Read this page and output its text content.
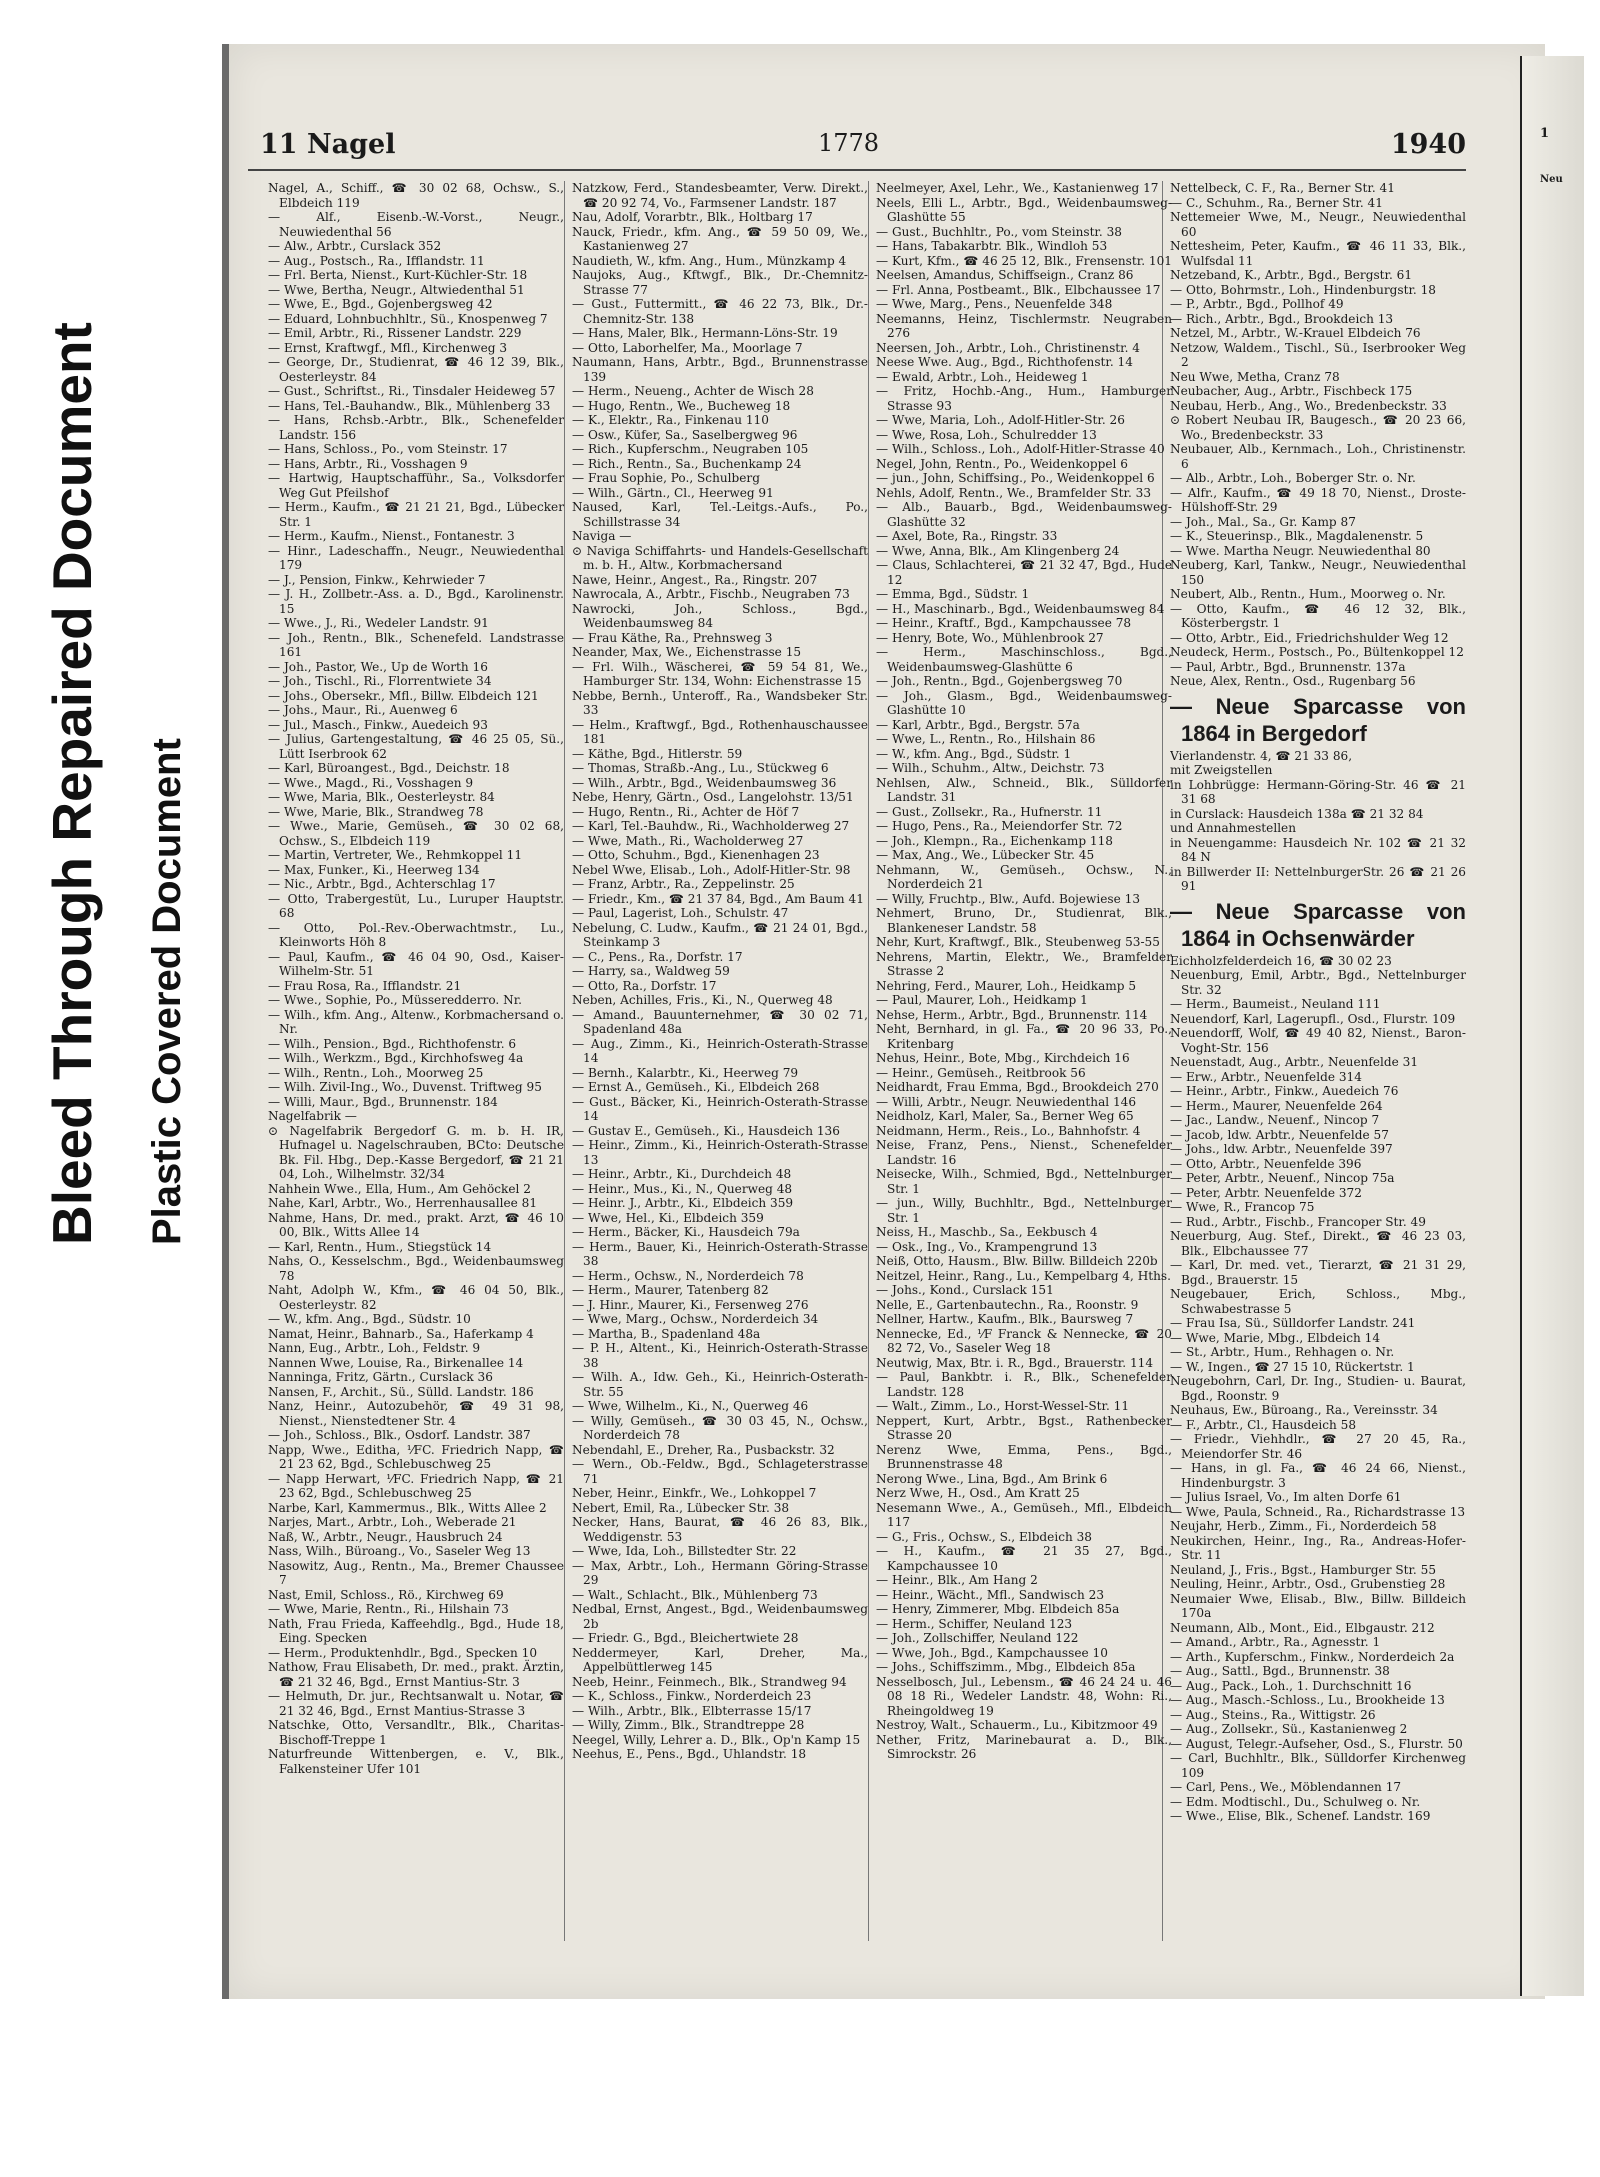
Bleed Through Repaired Document Plastic Covered Document
1
Neu
11 Nagel	1778	1940

Nagel, A., Schiff., ☎ 30 02 68, Ochsw., S., Elbdeich 119

— Alf., Eisenb.-W.-Vorst., Neugr., Neuwiedenthal 56

— Alw., Arbtr., Curslack 352

— Aug., Postsch., Ra., Ifflandstr. 11

— Frl. Berta, Nienst., Kurt-Küchler-Str. 18

— Wwe, Bertha, Neugr., Altwiedenthal 51

— Wwe, E., Bgd., Gojenbergsweg 42

— Eduard, Lohnbuchhltr., Sü., Knospenweg 7

— Emil, Arbtr., Ri., Rissener Landstr. 229

— Ernst, Kraftwgf., Mfl., Kirchenweg 3

— George, Dr., Studienrat, ☎ 46 12 39, Blk., Oesterleystr. 84

— Gust., Schriftst., Ri., Tinsdaler Heideweg 57

— Hans, Tel.-Bauhandw., Blk., Mühlenberg 33

— Hans, Rchsb.-Arbtr., Blk., Schenefelder Landstr. 156

— Hans, Schloss., Po., vom Steinstr. 17

— Hans, Arbtr., Ri., Vosshagen 9

— Hartwig, Hauptschafführ., Sa., Volksdorfer Weg Gut Pfeilshof

— Herm., Kaufm., ☎ 21 21 21, Bgd., Lübecker Str. 1

— Herm., Kaufm., Nienst., Fontanestr. 3

— Hinr., Ladeschaffn., Neugr., Neuwiedenthal 179

— J., Pension, Finkw., Kehrwieder 7

— J. H., Zollbetr.-Ass. a. D., Bgd., Karolinenstr. 15

— Wwe., J., Ri., Wedeler Landstr. 91

— Joh., Rentn., Blk., Schenefeld. Landstrasse 161

— Joh., Pastor, We., Up de Worth 16

— Joh., Tischl., Ri., Florrentwiete 34

— Johs., Obersekr., Mfl., Billw. Elbdeich 121

— Johs., Maur., Ri., Auenweg 6

— Jul., Masch., Finkw., Auedeich 93

— Julius, Gartengestaltung, ☎ 46 25 05, Sü., Lütt Iserbrook 62

— Karl, Büroangest., Bgd., Deichstr. 18

— Wwe., Magd., Ri., Vosshagen 9

— Wwe, Maria, Blk., Oesterleystr. 84

— Wwe, Marie, Blk., Strandweg 78

— Wwe., Marie, Gemüseh., ☎ 30 02 68, Ochsw., S., Elbdeich 119

— Martin, Vertreter, We., Rehmkoppel 11

— Max, Funker., Ki., Heerweg 134

— Nic., Arbtr., Bgd., Achterschlag 17

— Otto, Trabergestüt, Lu., Luruper Hauptstr. 68

— Otto, Pol.-Rev.-Oberwachtmstr., Lu., Kleinworts Höh 8

— Paul, Kaufm., ☎ 46 04 90, Osd., Kaiser-Wilhelm-Str. 51

— Frau Rosa, Ra., Ifflandstr. 21

— Wwe., Sophie, Po., Müsseredderro. Nr.

— Wilh., kfm. Ang., Altenw., Korbmachersand o. Nr.

— Wilh., Pension., Bgd., Richthofenstr. 6

— Wilh., Werkzm., Bgd., Kirchhofsweg 4a

— Wilh., Rentn., Loh., Moorweg 25

— Wilh. Zivil-Ing., Wo., Duvenst. Triftweg 95

— Willi, Maur., Bgd., Brunnenstr. 184

Nagelfabrik —

⊙ Nagelfabrik Bergedorf G. m. b. H. IR, Hufnagel u. Nagelschrauben, BCto: Deutsche Bk. Fil. Hbg., Dep.-Kasse Bergedorf, ☎ 21 21 04, Loh., Wilhelmstr. 32/34

Nahhein Wwe., Ella, Hum., Am Gehöckel 2

Nahe, Karl, Arbtr., Wo., Herrenhausallee 81

Nahme, Hans, Dr. med., prakt. Arzt, ☎ 46 10 00, Blk., Witts Allee 14

— Karl, Rentn., Hum., Stiegstück 14

Nahs, O., Kesselschm., Bgd., Weidenbaumsweg 78

Naht, Adolph W., Kfm., ☎ 46 04 50, Blk., Oesterleystr. 82

— W., kfm. Ang., Bgd., Südstr. 10

Namat, Heinr., Bahnarb., Sa., Haferkamp 4

Nann, Eug., Arbtr., Loh., Feldstr. 9

Nannen Wwe, Louise, Ra., Birkenallee 14

Nanninga, Fritz, Gärtn., Curslack 36

Nansen, F., Archit., Sü., Sülld. Landstr. 186

Nanz, Heinr., Autozubehör, ☎ 49 31 98, Nienst., Nienstedtener Str. 4

— Joh., Schloss., Blk., Osdorf. Landstr. 387

Napp, Wwe., Editha, ⅟FC. Friedrich Napp, ☎ 21 23 62, Bgd., Schlebuschweg 25

— Napp Herwart, ⅟FC. Friedrich Napp, ☎ 21 23 62, Bgd., Schlebuschweg 25

Narbe, Karl, Kammermus., Blk., Witts Allee 2

Narjes, Mart., Arbtr., Loh., Weberade 21

Naß, W., Arbtr., Neugr., Hausbruch 24

Nass, Wilh., Büroang., Vo., Saseler Weg 13

Nasowitz, Aug., Rentn., Ma., Bremer Chaussee 7

Nast, Emil, Schloss., Rö., Kirchweg 69

— Wwe, Marie, Rentn., Ri., Hilshain 73

Nath, Frau Frieda, Kaffeehdlg., Bgd., Hude 18, Eing. Specken

— Herm., Produktenhdlr., Bgd., Specken 10

Nathow, Frau Elisabeth, Dr. med., prakt. Ärztin, ☎ 21 32 46, Bgd., Ernst Mantius-Str. 3

— Helmuth, Dr. jur., Rechtsanwalt u. Notar, ☎ 21 32 46, Bgd., Ernst Mantius-Strasse 3

Natschke, Otto, Versandltr., Blk., Charitas-Bischoff-Treppe 1

Naturfreunde Wittenbergen, e. V., Blk., Falkensteiner Ufer 101

Natzkow, Ferd., Standesbeamter, Verw. Direkt., ☎ 20 92 74, Vo., Farmsener Landstr. 187

Nau, Adolf, Vorarbtr., Blk., Holtbarg 17

Nauck, Friedr., kfm. Ang., ☎ 59 50 09, We., Kastanienweg 27

Naudieth, W., kfm. Ang., Hum., Münzkamp 4

Naujoks, Aug., Kftwgf., Blk., Dr.-Chemnitz-Strasse 77

— Gust., Futtermitt., ☎ 46 22 73, Blk., Dr.-Chemnitz-Str. 138

— Hans, Maler, Blk., Hermann-Löns-Str. 19

— Otto, Laborhelfer, Ma., Moorlage 7

Naumann, Hans, Arbtr., Bgd., Brunnenstrasse 139

— Herm., Neueng., Achter de Wisch 28

— Hugo, Rentn., We., Bucheweg 18

— K., Elektr., Ra., Finkenau 110

— Osw., Küfer, Sa., Saselbergweg 96

— Rich., Kupferschm., Neugraben 105

— Rich., Rentn., Sa., Buchenkamp 24

— Frau Sophie, Po., Schulberg

— Wilh., Gärtn., Cl., Heerweg 91

Naused, Karl, Tel.-Leitgs.-Aufs., Po., Schillstrasse 34

Naviga —

⊙ Naviga Schiffahrts- und Handels-Gesellschaft m. b. H., Altw., Korbmachersand

Nawe, Heinr., Angest., Ra., Ringstr. 207

Nawrocala, A., Arbtr., Fischb., Neugraben 73

Nawrocki, Joh., Schloss., Bgd., Weidenbaumsweg 84

— Frau Käthe, Ra., Prehnsweg 3

Neander, Max, We., Eichenstrasse 15

— Frl. Wilh., Wäscherei, ☎ 59 54 81, We., Hamburger Str. 134, Wohn: Eichenstrasse 15

Nebbe, Bernh., Unteroff., Ra., Wandsbeker Str. 33

— Helm., Kraftwgf., Bgd., Rothenhauschaussee 181

— Käthe, Bgd., Hitlerstr. 59

— Thomas, Straßb.-Ang., Lu., Stückweg 6

— Wilh., Arbtr., Bgd., Weidenbaumsweg 36

Nebe, Henry, Gärtn., Osd., Langelohstr. 13/51

— Hugo, Rentn., Ri., Achter de Höf 7

— Karl, Tel.-Bauhdw., Ri., Wachholderweg 27

— Wwe, Math., Ri., Wacholderweg 27

— Otto, Schuhm., Bgd., Kienenhagen 23

Nebel Wwe, Elisab., Loh., Adolf-Hitler-Str. 98

— Franz, Arbtr., Ra., Zeppelinstr. 25

— Friedr., Km., ☎ 21 37 84, Bgd., Am Baum 41

— Paul, Lagerist, Loh., Schulstr. 47

Nebelung, C. Ludw., Kaufm., ☎ 21 24 01, Bgd., Steinkamp 3

— C., Pens., Ra., Dorfstr. 17

— Harry, sa., Waldweg 59

— Otto, Ra., Dorfstr. 17

Neben, Achilles, Fris., Ki., N., Querweg 48

— Amand., Bauunternehmer, ☎ 30 02 71, Spadenland 48a

— Aug., Zimm., Ki., Heinrich-Osterath-Strasse 14

— Bernh., Kalarbtr., Ki., Heerweg 79

— Ernst A., Gemüseh., Ki., Elbdeich 268

— Gust., Bäcker, Ki., Heinrich-Osterath-Strasse 14

— Gustav E., Gemüseh., Ki., Hausdeich 136

— Heinr., Zimm., Ki., Heinrich-Osterath-Strasse 13

— Heinr., Arbtr., Ki., Durchdeich 48

— Heinr., Mus., Ki., N., Querweg 48

— Heinr. J., Arbtr., Ki., Elbdeich 359

— Wwe, Hel., Ki., Elbdeich 359

— Herm., Bäcker, Ki., Hausdeich 79a

— Herm., Bauer, Ki., Heinrich-Osterath-Strasse 38

— Herm., Ochsw., N., Norderdeich 78

— Herm., Maurer, Tatenberg 82

— J. Hinr., Maurer, Ki., Fersenweg 276

— Wwe, Marg., Ochsw., Norderdeich 34

— Martha, B., Spadenland 48a

— P. H., Altent., Ki., Heinrich-Osterath-Strasse 38

— Wilh. A., Idw. Geh., Ki., Heinrich-Osterath-Str. 55

— Wwe, Wilhelm., Ki., N., Querweg 46

— Willy, Gemüseh., ☎ 30 03 45, N., Ochsw., Norderdeich 78

Nebendahl, E., Dreher, Ra., Pusbackstr. 32

— Wern., Ob.-Feldw., Bgd., Schlageterstrasse 71

Neber, Heinr., Einkfr., We., Lohkoppel 7

Nebert, Emil, Ra., Lübecker Str. 38

Necker, Hans, Baurat, ☎ 46 26 83, Blk., Weddigenstr. 53

— Wwe, Ida, Loh., Billstedter Str. 22

— Max, Arbtr., Loh., Hermann Göring-Strasse 29

— Walt., Schlacht., Blk., Mühlenberg 73

Nedbal, Ernst, Angest., Bgd., Weidenbaumsweg 2b

— Friedr. G., Bgd., Bleichertwiete 28

Neddermeyer, Karl, Dreher, Ma., Appelbüttlerweg 145

Neeb, Heinr., Feinmech., Blk., Strandweg 94

— K., Schloss., Finkw., Norderdeich 23

— Wilh., Arbtr., Blk., Elbterrasse 15/17

— Willy, Zimm., Blk., Strandtreppe 28

Neegel, Willy, Lehrer a. D., Blk., Op'n Kamp 15

Neehus, E., Pens., Bgd., Uhlandstr. 18

Neelmeyer, Axel, Lehr., We., Kastanienweg 17

Neels, Elli L., Arbtr., Bgd., Weidenbaumsweg-Glashütte 55

— Gust., Buchhltr., Po., vom Steinstr. 38

— Hans, Tabakarbtr. Blk., Windloh 53

— Kurt, Kfm., ☎ 46 25 12, Blk., Frensenstr. 101

Neelsen, Amandus, Schiffseign., Cranz 86

— Frl. Anna, Postbeamt., Blk., Elbchaussee 17

— Wwe, Marg., Pens., Neuenfelde 348

Neemanns, Heinz, Tischlermstr. Neugraben 276

Neersen, Joh., Arbtr., Loh., Christinenstr. 4

Neese Wwe. Aug., Bgd., Richthofenstr. 14

— Ewald, Arbtr., Loh., Heideweg 1

— Fritz, Hochb.-Ang., Hum., Hamburger Strasse 93

— Wwe, Maria, Loh., Adolf-Hitler-Str. 26

— Wwe, Rosa, Loh., Schulredder 13

— Wilh., Schloss., Loh., Adolf-Hitler-Strasse 40

Negel, John, Rentn., Po., Weidenkoppel 6

— jun., John, Schiffsing., Po., Weidenkoppel 6

Nehls, Adolf, Rentn., We., Bramfelder Str. 33

— Alb., Bauarb., Bgd., Weidenbaumsweg-Glashütte 32

— Axel, Bote, Ra., Ringstr. 33

— Wwe, Anna, Blk., Am Klingenberg 24

— Claus, Schlachterei, ☎ 21 32 47, Bgd., Hude 12

— Emma, Bgd., Südstr. 1

— H., Maschinarb., Bgd., Weidenbaumsweg 84

— Heinr., Kraftf., Bgd., Kampchaussee 78

— Henry, Bote, Wo., Mühlenbrook 27

— Herm., Maschinschloss., Bgd., Weidenbaumsweg-Glashütte 6

— Joh., Rentn., Bgd., Gojenbergsweg 70

— Joh., Glasm., Bgd., Weidenbaumsweg-Glashütte 10

— Karl, Arbtr., Bgd., Bergstr. 57a

— Wwe, L., Rentn., Ro., Hilshain 86

— W., kfm. Ang., Bgd., Südstr. 1

— Wilh., Schuhm., Altw., Deichstr. 73

Nehlsen, Alw., Schneid., Blk., Sülldorfer Landstr. 31

— Gust., Zollsekr., Ra., Hufnerstr. 11

— Hugo, Pens., Ra., Meiendorfer Str. 72

— Joh., Klempn., Ra., Eichenkamp 118

— Max, Ang., We., Lübecker Str. 45

Nehmann, W., Gemüseh., Ochsw., N., Norderdeich 21

— Willy, Fruchtp., Blw., Aufd. Bojewiese 13

Nehmert, Bruno, Dr., Studienrat, Blk., Blankeneser Landstr. 58

Nehr, Kurt, Kraftwgf., Blk., Steubenweg 53-55

Nehrens, Martin, Elektr., We., Bramfelder Strasse 2

Nehring, Ferd., Maurer, Loh., Heidkamp 5

— Paul, Maurer, Loh., Heidkamp 1

Nehse, Herm., Arbtr., Bgd., Brunnenstr. 114

Neht, Bernhard, in gl. Fa., ☎ 20 96 33, Po., Kritenbarg

Nehus, Heinr., Bote, Mbg., Kirchdeich 16

— Heinr., Gemüseh., Reitbrook 56

Neidhardt, Frau Emma, Bgd., Brookdeich 270

— Willi, Arbtr., Neugr. Neuwiedenthal 146

Neidholz, Karl, Maler, Sa., Berner Weg 65

Neidmann, Herm., Reis., Lo., Bahnhofstr. 4

Neise, Franz, Pens., Nienst., Schenefelder Landstr. 16

Neisecke, Wilh., Schmied, Bgd., Nettelnburger Str. 1

— jun., Willy, Buchhltr., Bgd., Nettelnburger Str. 1

Neiss, H., Maschb., Sa., Eekbusch 4

— Osk., Ing., Vo., Krampengrund 13

Neiß, Otto, Hausm., Blw. Billw. Billdeich 220b

Neitzel, Heinr., Rang., Lu., Kempelbarg 4, Hths.

— Johs., Kond., Curslack 151

Nelle, E., Gartenbautechn., Ra., Roonstr. 9

Nellner, Hartw., Kaufm., Blk., Baursweg 7

Nennecke, Ed., ⅟F Franck & Nennecke, ☎ 20 82 72, Vo., Saseler Weg 18

Neutwig, Max, Btr. i. R., Bgd., Brauerstr. 114

— Paul, Bankbtr. i. R., Blk., Schenefelder Landstr. 128

— Walt., Zimm., Lo., Horst-Wessel-Str. 11

Neppert, Kurt, Arbtr., Bgst., Rathenbecker Strasse 20

Nerenz Wwe, Emma, Pens., Bgd., Brunnenstrasse 48

Nerong Wwe., Lina, Bgd., Am Brink 6

Nerz Wwe, H., Osd., Am Kratt 25

Nesemann Wwe., A., Gemüseh., Mfl., Elbdeich 117

— G., Fris., Ochsw., S., Elbdeich 38

— H., Kaufm., ☎ 21 35 27, Bgd., Kampchaussee 10

— Heinr., Blk., Am Hang 2

— Heinr., Wächt., Mfl., Sandwisch 23

— Henry, Zimmerer, Mbg. Elbdeich 85a

— Herm., Schiffer, Neuland 123

— Joh., Zollschiffer, Neuland 122

— Wwe, Joh., Bgd., Kampchaussee 10

— Johs., Schiffszimm., Mbg., Elbdeich 85a

Nesselbosch, Jul., Lebensm., ☎ 46 24 24 u. 46 08 18 Ri., Wedeler Landstr. 48, Wohn: Ri., Rheingoldweg 19

Nestroy, Walt., Schauerm., Lu., Kibitzmoor 49

Nether, Fritz, Marinebaurat a. D., Blk., Simrockstr. 26

Nettelbeck, C. F., Ra., Berner Str. 41

— C., Schuhm., Ra., Berner Str. 41

Nettemeier Wwe, M., Neugr., Neuwiedenthal 60

Nettesheim, Peter, Kaufm., ☎ 46 11 33, Blk., Wulfsdal 11

Netzeband, K., Arbtr., Bgd., Bergstr. 61

— Otto, Bohrmstr., Loh., Hindenburgstr. 18

— P., Arbtr., Bgd., Pollhof 49

— Rich., Arbtr., Bgd., Brookdeich 13

Netzel, M., Arbtr., W.-Krauel Elbdeich 76

Netzow, Waldem., Tischl., Sü., Iserbrooker Weg 2

Neu Wwe, Metha, Cranz 78

Neubacher, Aug., Arbtr., Fischbeck 175

Neubau, Herb., Ang., Wo., Bredenbeckstr. 33

⊙ Robert Neubau IR, Baugesch., ☎ 20 23 66, Wo., Bredenbeckstr. 33

Neubauer, Alb., Kernmach., Loh., Christinenstr. 6

— Alb., Arbtr., Loh., Boberger Str. o. Nr.

— Alfr., Kaufm., ☎ 49 18 70, Nienst., Droste-Hülshoff-Str. 29

— Joh., Mal., Sa., Gr. Kamp 87

— K., Steuerinsp., Blk., Magdalenenstr. 5

— Wwe. Martha Neugr. Neuwiedenthal 80

Neuberg, Karl, Tankw., Neugr., Neuwiedenthal 150

Neubert, Alb., Rentn., Hum., Moorweg o. Nr.

— Otto, Kaufm., ☎ 46 12 32, Blk., Kösterbergstr. 1

— Otto, Arbtr., Eid., Friedrichshulder Weg 12

Neudeck, Herm., Postsch., Po., Bültenkoppel 12

— Paul, Arbtr., Bgd., Brunnenstr. 137a

Neue, Alex, Rentn., Osd., Rugenbarg 56

— Neue Sparcasse von 1864 in Bergedorf

Vierlandenstr. 4, ☎ 21 33 86,

mit Zweigstellen

in Lohbrügge: Hermann-Göring-Str. 46 ☎ 21 31 68

in Curslack: Hausdeich 138a ☎ 21 32 84

und Annahmestellen

in Neuengamme: Hausdeich Nr. 102 ☎ 21 32 84 N

in Billwerder II: NettelnburgerStr. 26 ☎ 21 26 91

— Neue Sparcasse von 1864 in Ochsenwärder

Eichholzfelderdeich 16, ☎ 30 02 23

Neuenburg, Emil, Arbtr., Bgd., Nettelnburger Str. 32

— Herm., Baumeist., Neuland 111

Neuendorf, Karl, Lagerupfl., Osd., Flurstr. 109

Neuendorff, Wolf, ☎ 49 40 82, Nienst., Baron-Voght-Str. 156

Neuenstadt, Aug., Arbtr., Neuenfelde 31

— Erw., Arbtr., Neuenfelde 314

— Heinr., Arbtr., Finkw., Auedeich 76

— Herm., Maurer, Neuenfelde 264

— Jac., Landw., Neuenf., Nincop 7

— Jacob, ldw. Arbtr., Neuenfelde 57

— Johs., ldw. Arbtr., Neuenfelde 397

— Otto, Arbtr., Neuenfelde 396

— Peter, Arbtr., Neuenf., Nincop 75a

— Peter, Arbtr. Neuenfelde 372

— Wwe, R., Francop 75

— Rud., Arbtr., Fischb., Francoper Str. 49

Neuerburg, Aug. Stef., Direkt., ☎ 46 23 03, Blk., Elbchaussee 77

— Karl, Dr. med. vet., Tierarzt, ☎ 21 31 29, Bgd., Brauerstr. 15

Neugebauer, Erich, Schloss., Mbg., Schwabestrasse 5

— Frau Isa, Sü., Sülldorfer Landstr. 241

— Wwe, Marie, Mbg., Elbdeich 14

— St., Arbtr., Hum., Rehhagen o. Nr.

— W., Ingen., ☎ 27 15 10, Rückertstr. 1

Neugebohrn, Carl, Dr. Ing., Studien- u. Baurat, Bgd., Roonstr. 9

Neuhaus, Ew., Büroang., Ra., Vereinsstr. 34

— F., Arbtr., Cl., Hausdeich 58

— Friedr., Viehhdlr., ☎ 27 20 45, Ra., Meiendorfer Str. 46

— Hans, in gl. Fa., ☎ 46 24 66, Nienst., Hindenburgstr. 3

— Julius Israel, Vo., Im alten Dorfe 61

— Wwe, Paula, Schneid., Ra., Richardstrasse 13

Neujahr, Herb., Zimm., Fi., Norderdeich 58

Neukirchen, Heinr., Ing., Ra., Andreas-Hofer-Str. 11

Neuland, J., Fris., Bgst., Hamburger Str. 55

Neuling, Heinr., Arbtr., Osd., Grubenstieg 28

Neumaier Wwe, Elisab., Blw., Billw. Billdeich 170a

Neumann, Alb., Mont., Eid., Elbgaustr. 212

— Amand., Arbtr., Ra., Agnesstr. 1

— Arth., Kupferschm., Finkw., Norderdeich 2a

— Aug., Sattl., Bgd., Brunnenstr. 38

— Aug., Pack., Loh., 1. Durchschnitt 16

— Aug., Masch.-Schloss., Lu., Brookheide 13

— Aug., Steins., Ra., Wittigstr. 26

— Aug., Zollsekr., Sü., Kastanienweg 2

— August, Telegr.-Aufseher, Osd., S., Flurstr. 50

— Carl, Buchhltr., Blk., Sülldorfer Kirchenweg 109

— Carl, Pens., We., Möblendannen 17

— Edm. Modtischl., Du., Schulweg o. Nr.

— Wwe., Elise, Blk., Schenef. Landstr. 169
